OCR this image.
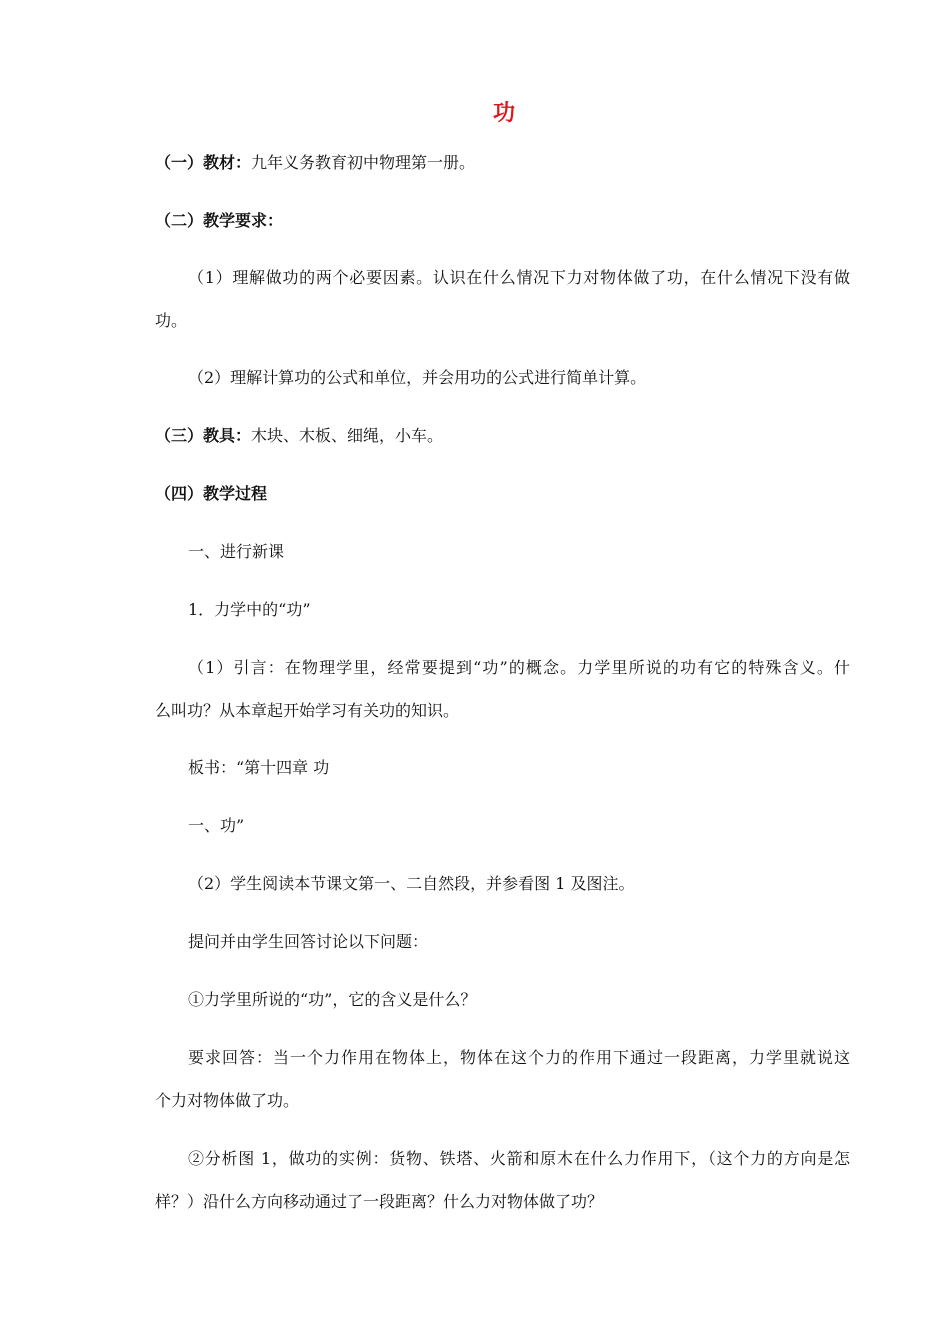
功
（一）教材：九年义务教育初中物理第一册。
（二）教学要求：
（1）理解做功的两个必要因素。认识在什么情况下力对物体做了功，在什么情况下没有做
功。
（2）理解计算功的公式和单位，并会用功的公式进行简单计算。
（三）教具：木块、木板、细绳，小车。
（四）教学过程
一、进行新课
1．力学中的“功”
（1）引言：在物理学里，经常要提到“功”的概念。力学里所说的功有它的特殊含义。什
么叫功？从本章起开始学习有关功的知识。
板书：“第十四章 功
一、功”
（2）学生阅读本节课文第一、二自然段，并参看图 1 及图注。
提问并由学生回答讨论以下问题：
①力学里所说的“功”，它的含义是什么？
要求回答：当一个力作用在物体上，物体在这个力的作用下通过一段距离，力学里就说这
个力对物体做了功。
②分析图 1，做功的实例：货物、铁塔、火箭和原木在什么力作用下，（这个力的方向是怎
样？）沿什么方向移动通过了一段距离？什么力对物体做了功？
